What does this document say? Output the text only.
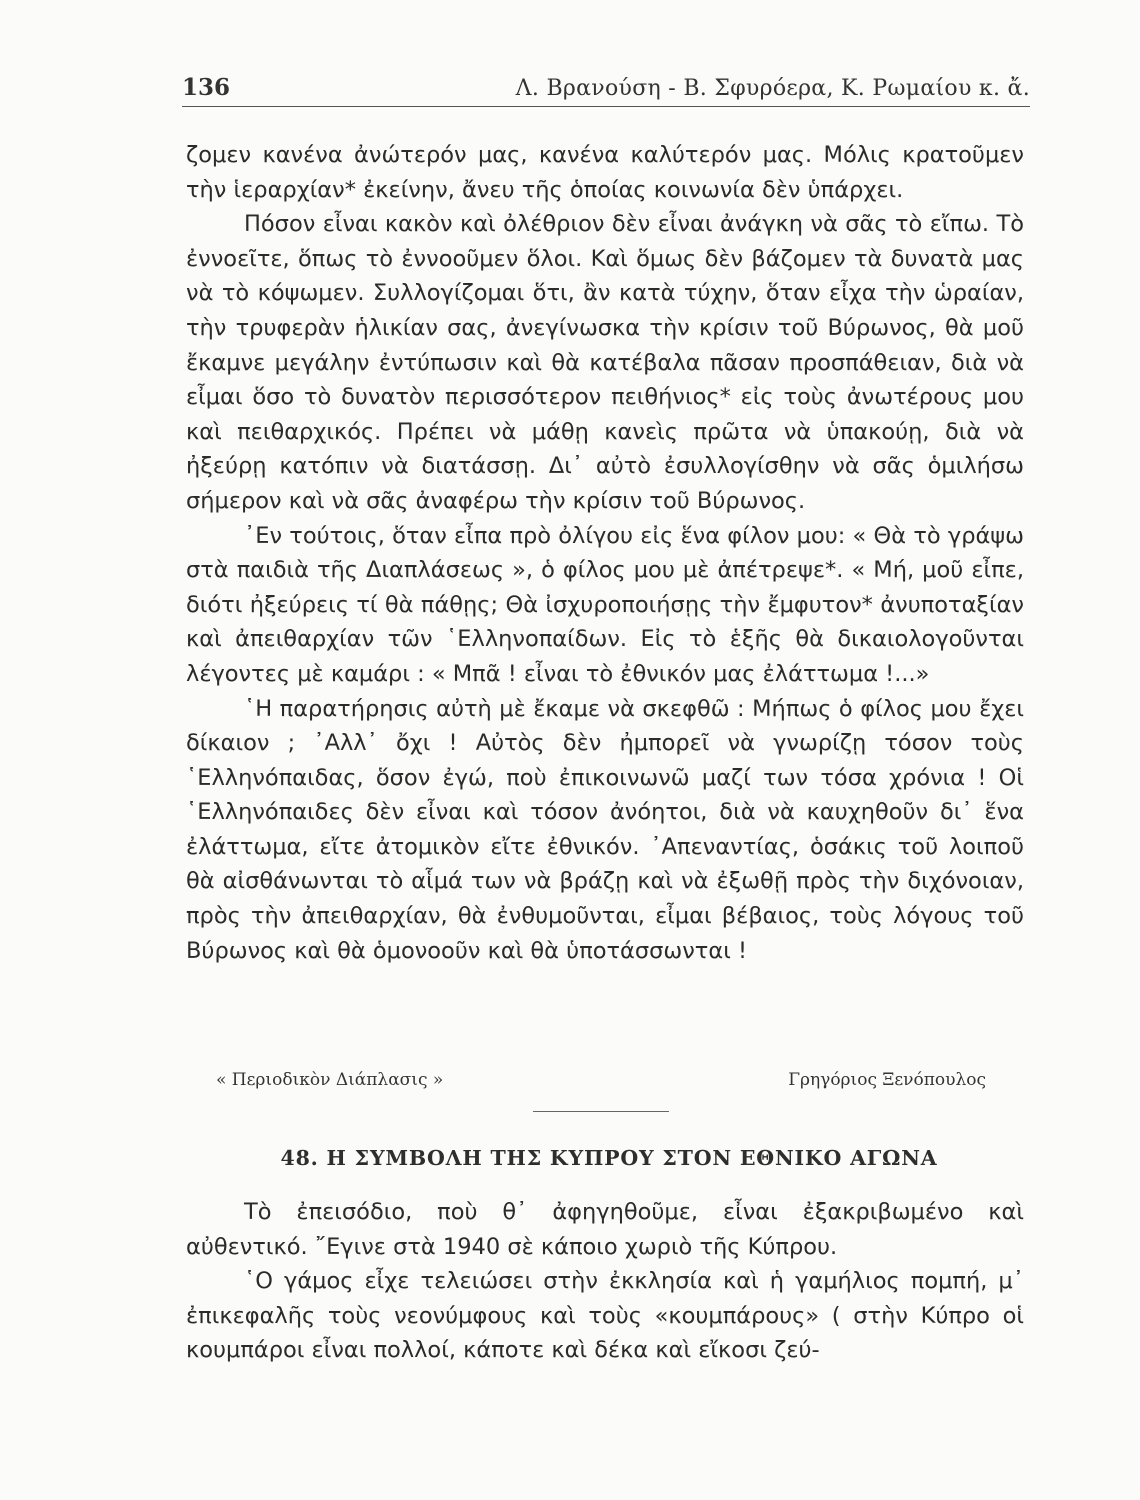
136	Λ. Βρανούση - Β. Σφυρόερα, Κ. Ρωμαίου κ. ἄ.

ζομεν κανένα ἀνώτερόν μας, κανένα καλύτερόν μας. Μόλις κρατοῦμεν τὴν ἱεραρχίαν* ἐκείνην, ἄνευ τῆς ὁποίας κοινωνία δὲν ὑπάρχει.

Πόσον εἶναι κακὸν καὶ ὀλέθριον δὲν εἶναι ἀνάγκη νὰ σᾶς τὸ εἴπω. Τὸ ἐννοεῖτε, ὅπως τὸ ἐννοοῦμεν ὅλοι. Καὶ ὅμως δὲν βάζομεν τὰ δυνατὰ μας νὰ τὸ κόψωμεν. Συλλογίζομαι ὅτι, ἂν κατὰ τύχην, ὅταν εἶχα τὴν ὡραίαν, τὴν τρυφερὰν ἡλικίαν σας, ἀνεγίνωσκα τὴν κρίσιν τοῦ Βύρωνος, θὰ μοῦ ἔκαμνε μεγάλην ἐντύπωσιν καὶ θὰ κατέβαλα πᾶσαν προσπάθειαν, διὰ νὰ εἶμαι ὅσο τὸ δυνατὸν περισσότερον πειθήνιος* εἰς τοὺς ἀνωτέρους μου καὶ πειθαρχικός. Πρέπει νὰ μάθῃ κανεὶς πρῶτα νὰ ὑπακούῃ, διὰ νὰ ἠξεύρῃ κατόπιν νὰ διατάσσῃ. Δι᾽ αὐτὸ ἐσυλλογίσθην νὰ σᾶς ὁμιλήσω σήμερον καὶ νὰ σᾶς ἀναφέρω τὴν κρίσιν τοῦ Βύρωνος.

᾿Εν τούτοις, ὅταν εἶπα πρὸ ὀλίγου εἰς ἕνα φίλον μου: « Θὰ τὸ γράψω στὰ παιδιὰ τῆς Διαπλάσεως », ὁ φίλος μου μὲ ἀπέτρεψε*. « Μή, μοῦ εἶπε, διότι ἠξεύρεις τί θὰ πάθῃς; Θὰ ἰσχυροποιήσῃς τὴν ἔμφυτον* ἀνυποταξίαν καὶ ἀπειθαρχίαν τῶν ῾Ελληνοπαίδων. Εἰς τὸ ἑξῆς θὰ δικαιολογοῦνται λέγοντες μὲ καμάρι : « Μπᾶ ! εἶναι τὸ ἐθνικόν μας ἐλάττωμα !...»

῾Η παρατήρησις αὐτὴ μὲ ἔκαμε νὰ σκεφθῶ : Μήπως ὁ φίλος μου ἔχει δίκαιον ; ᾿Αλλ᾽ ὄχι ! Αὐτὸς δὲν ἠμπορεῖ νὰ γνωρίζῃ τόσον τοὺς ῾Ελληνόπαιδας, ὅσον ἐγώ, ποὺ ἐπικοινωνῶ μαζί των τόσα χρόνια ! Οἱ ῾Ελληνόπαιδες δὲν εἶναι καὶ τόσον ἀνόητοι, διὰ νὰ καυχηθοῦν δι᾽ ἕνα ἐλάττωμα, εἴτε ἀτομικὸν εἴτε ἐθνικόν. ᾿Απεναντίας, ὁσάκις τοῦ λοιποῦ θὰ αἰσθάνωνται τὸ αἷμά των νὰ βράζῃ καὶ νὰ ἐξωθῇ πρὸς τὴν διχόνοιαν, πρὸς τὴν ἀπειθαρχίαν, θὰ ἐνθυμοῦνται, εἶμαι βέβαιος, τοὺς λόγους τοῦ Βύρωνος καὶ θὰ ὁμονοοῦν καὶ θὰ ὑποτάσσωνται !

« Περιοδικὸν Διάπλασις »	Γρηγόριος Ξενόπουλος
48. Η ΣΥΜΒΟΛΗ ΤΗΣ ΚΥΠΡΟΥ ΣΤΟΝ ΕΘΝΙΚΟ ΑΓΩΝΑ

Τὸ ἐπεισόδιο, ποὺ θ᾽ ἀφηγηθοῦμε, εἶναι ἐξακριβωμένο καὶ αὐθεντικό. ῎Εγινε στὰ 1940 σὲ κάποιο χωριὸ τῆς Κύπρου.

῾Ο γάμος εἶχε τελειώσει στὴν ἐκκλησία καὶ ἡ γαμήλιος πομπή, μ᾽ ἐπικεφαλῆς τοὺς νεονύμφους καὶ τοὺς «κουμπάρους» ( στὴν Κύπρο οἱ κουμπάροι εἶναι πολλοί, κάποτε καὶ δέκα καὶ εἴκοσι ζεύ-
